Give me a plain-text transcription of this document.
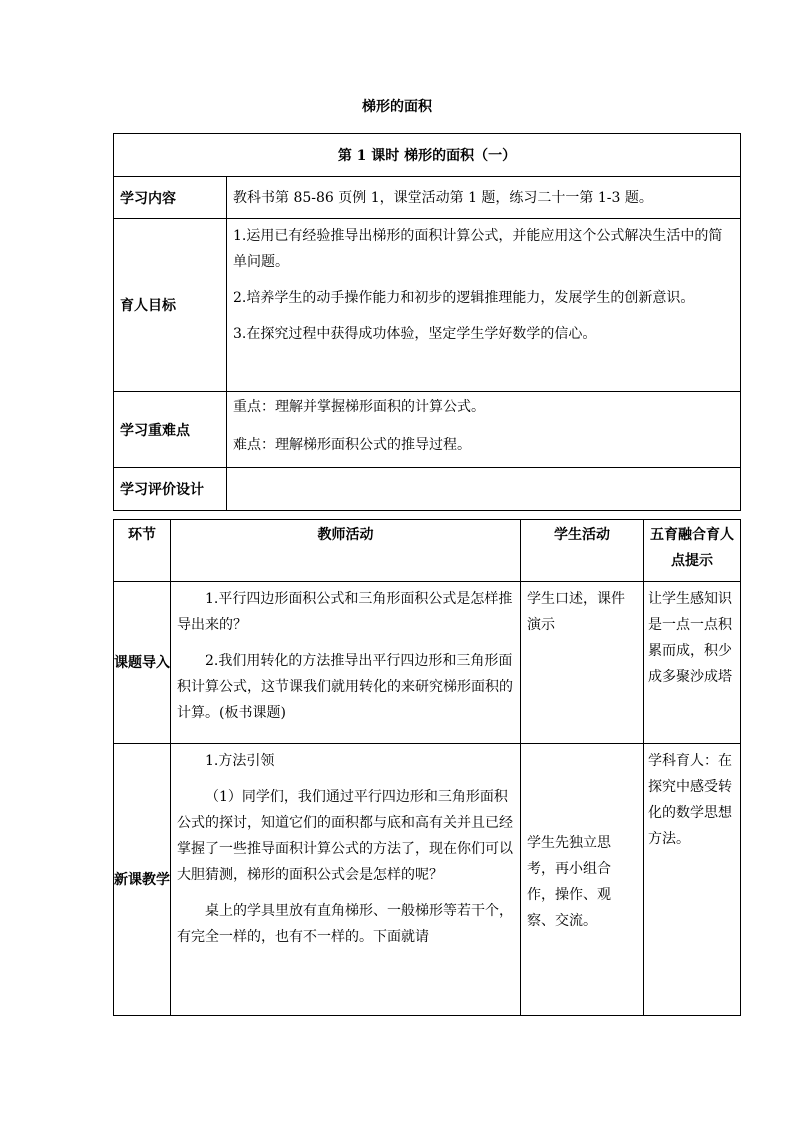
梯形的面积
第 1 课时 梯形的面积（一）	
学习内容	教科书第 85-86 页例 1，课堂活动第 1 题，练习二十一第 1-3 题。
育人目标	1.运用已有经验推导出梯形的面积计算公式，并能应用这个公式解决生活中的简单问题。

2.培养学生的动手操作能力和初步的逻辑推理能力，发展学生的创新意识。

3.在探究过程中获得成功体验，坚定学生学好数学的信心。

学习重难点	重点：理解并掌握梯形面积的计算公式。

难点：理解梯形面积公式的推导过程。

学习评价设计	
环节	教师活动	学生活动	五育融合育人点提示
课题导入	1.平行四边形面积公式和三角形面积公式是怎样推导出来的？

2.我们用转化的方法推导出平行四边形和三角形面积计算公式，这节课我们就用转化的来研究梯形面积的计算。(板书课题)	学生口述，课件演示	让学生感知识是一点一点积累而成，积少成多聚沙成塔
新课教学	1.方法引领

（1）同学们，我们通过平行四边形和三角形面积公式的探讨，知道它们的面积都与底和高有关并且已经掌握了一些推导面积计算公式的方法了，现在你们可以大胆猜测，梯形的面积公式会是怎样的呢？

桌上的学具里放有直角梯形、一般梯形等若干个，有完全一样的，也有不一样的。下面就请	学生先独立思考，再小组合作，操作、观察、交流。	学科育人：在探究中感受转化的数学思想方法。
